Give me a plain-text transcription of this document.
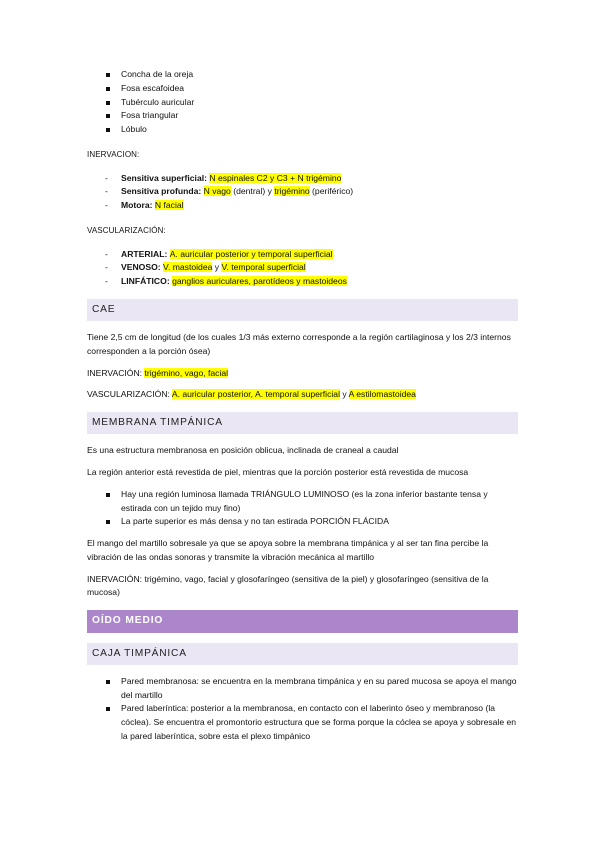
Concha de la oreja
Fosa escafoidea
Tubérculo auricular
Fosa triangular
Lóbulo
INERVACION:
- Sensitiva superficial: N espinales C2 y C3 + N trigémino
- Sensitiva profunda: N vago (dentral) y trigémino (periférico)
- Motora: N facial
VASCULARIZACIÓN:
- ARTERIAL: A. auricular posterior y temporal superficial
- VENOSO: V. mastoidea y V. temporal superficial
- LINFÁTICO: ganglios auriculares, parotídeos y mastoideos
CAE

Tiene 2,5 cm de longitud (de los cuales 1/3 más externo corresponde a la región cartilaginosa y los 2/3 internos corresponden a la porción ósea)

INERVACIÓN: trigémino, vago, facial

VASCULARIZACIÓN: A. auricular posterior, A. temporal superficial y A estilomastoidea

MEMBRANA TIMPÁNICA

Es una estructura membranosa en posición oblicua, inclinada de craneal a caudal

La región anterior está revestida de piel, mientras que la porción posterior está revestida de mucosa

Hay una región luminosa llamada TRIÁNGULO LUMINOSO (es la zona inferior bastante tensa y estirada con un tejido muy fino)
La parte superior es más densa y no tan estirada PORCIÓN FLÁCIDA

El mango del martillo sobresale ya que se apoya sobre la membrana timpánica y al ser tan fina percibe la vibración de las ondas sonoras y transmite la vibración mecánica al martillo

INERVACIÓN: trigémino, vago, facial y glosofaríngeo (sensitiva de la piel) y glosofaríngeo (sensitiva de la mucosa)

OÍDO MEDIO
CAJA TIMPÁNICA
Pared membranosa: se encuentra en la membrana timpánica y en su pared mucosa se apoya el mango del martillo
Pared laberíntica: posterior a la membranosa, en contacto con el laberinto óseo y membranoso (la cóclea). Se encuentra el promontorio estructura que se forma porque la cóclea se apoya y sobresale en la pared laberíntica, sobre esta el plexo timpánico
